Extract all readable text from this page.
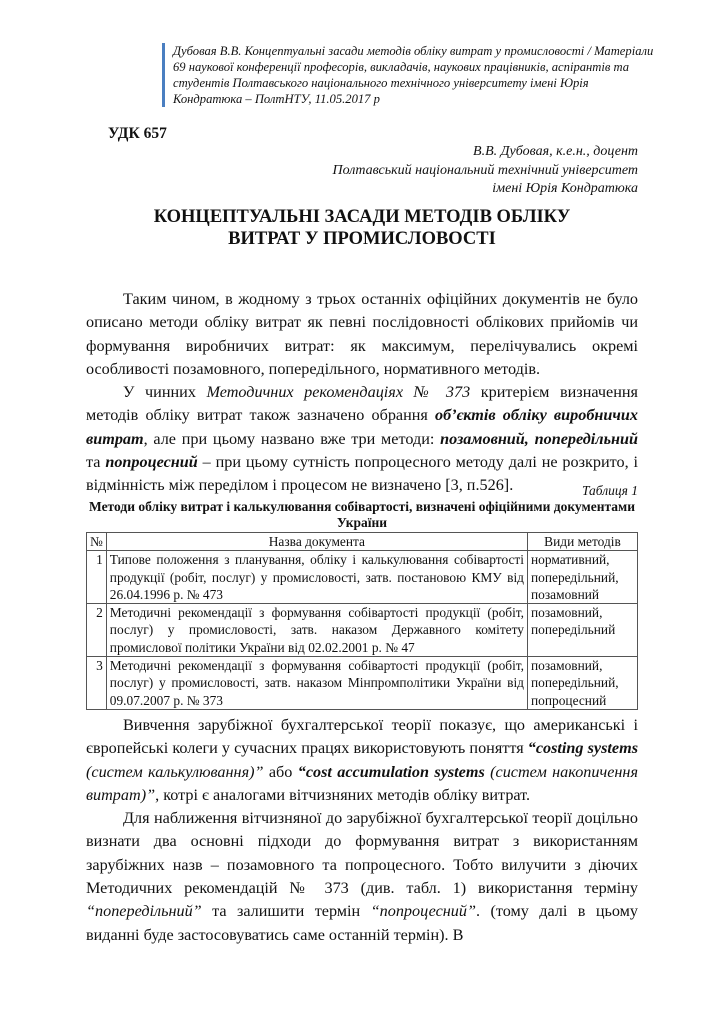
Дубовая В.В. Концептуальні засади методів обліку витрат у промисловості / Матеріали 69 наукової конференції професорів, викладачів, наукових працівників, аспірантів та студентів Полтавського національного технічного університету імені Юрія Кондратюка – ПолтНТУ, 11.05.2017 р
УДК 657
В.В. Дубовая, к.е.н., доцент
Полтавський національний технічний університет
імені Юрія Кондратюка
КОНЦЕПТУАЛЬНІ ЗАСАДИ МЕТОДІВ ОБЛІКУ
ВИТРАТ У ПРОМИСЛОВОСТІ

Таким чином, в жодному з трьох останніх офіційних документів не було описано методи обліку витрат як певні послідовності облікових прийомів чи формування виробничих витрат: як максимум, перелічувались окремі особливості позамовного, попередільного, нормативного методів.

У чинних Методичних рекомендаціях № 373 критерієм визначення методів обліку витрат також зазначено обрання об’єктів обліку виробничих витрат, але при цьому названо вже три методи: позамовний, попередільний та попроцесний – при цьому сутність попроцесного методу далі не розкрито, і відмінність між переділом і процесом не визначено [3, п.526].	Таблиця 1
Методи обліку витрат і калькулювання собівартості, визначені офіційними документами України
№	Назва документа	Види методів
1	Типове положення з планування, обліку і калькулювання собівартості продукції (робіт, послуг) у промисловості, затв. постановою КМУ від 26.04.1996 р. № 473	нормативний, попередільний, позамовний
2	Методичні рекомендації з формування собівартості продукції (робіт, послуг) у промисловості, затв. наказом Державного комітету промислової політики України від 02.02.2001 р. № 47	позамовний, попередільний
3	Методичні рекомендації з формування собівартості продукції (робіт, послуг) у промисловості, затв. наказом Мінпромполітики України від 09.07.2007 р. № 373	позамовний, попередільний, попроцесний

Вивчення зарубіжної бухгалтерської теорії показує, що американські і європейські колеги у сучасних працях використовують поняття “costing systems (систем калькулювання)” або “cost accumulation systems (систем накопичення витрат)”, котрі є аналогами вітчизняних методів обліку витрат.

Для наближення вітчизняної до зарубіжної бухгалтерської теорії доцільно визнати два основні підходи до формування витрат з використанням зарубіжних назв – позамовного та попроцесного. Тобто вилучити з діючих Методичних рекомендацій № 373 (див. табл. 1) використання терміну “попередільний” та залишити термін “попроцесний”. (тому далі в цьому виданні буде застосовуватись саме останній термін). В
